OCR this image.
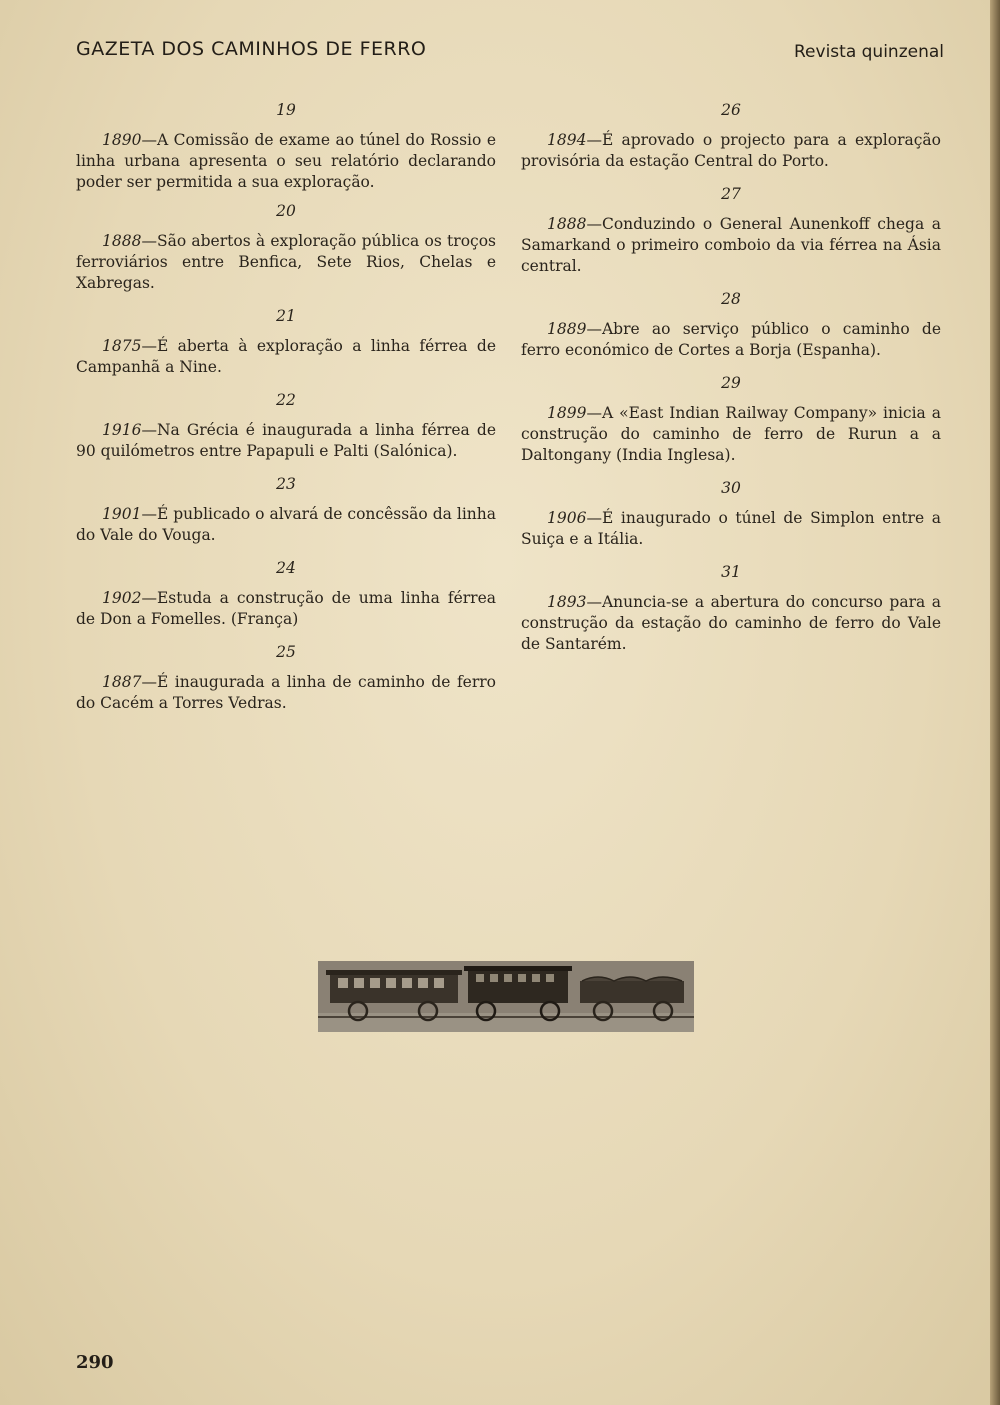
GAZETA DOS CAMINHOS DE FERRO	Revista quinzenal

19

1890—A Comissão de exame ao túnel do Rossio e linha urbana apresenta o seu relatório declarando poder ser permitida a sua exploração.

20

1888—São abertos à exploração pública os troços ferroviários entre Benfica, Sete Rios, Chelas e Xabregas.

21

1875—É aberta à exploração a linha férrea de Campanhã a Nine.

22

1916—Na Grécia é inaugurada a linha férrea de 90 quilómetros entre Papapuli e Palti (Salónica).

23

1901—É publicado o alvará de concêssão da linha do Vale do Vouga.

24

1902—Estuda a construção de uma linha férrea de Don a Fomelles. (França)

25

1887—É inaugurada a linha de caminho de ferro do Cacém a Torres Vedras.

26

1894—É aprovado o projecto para a exploração provisória da estação Central do Porto.

27

1888—Conduzindo o General Aunenkoff chega a Samarkand o primeiro comboio da via férrea na Ásia central.

28

1889—Abre ao serviço público o caminho de ferro económico de Cortes a Borja (Espanha).

29

1899—A «East Indian Railway Company» inicia a construção do caminho de ferro de Rurun a a Daltongany (India Inglesa).

30

1906—É inaugurado o túnel de Simplon entre a Suiça e a Itália.

31

1893—Anuncia-se a abertura do concurso para a construção da estação do caminho de ferro do Vale de Santarém.

290
